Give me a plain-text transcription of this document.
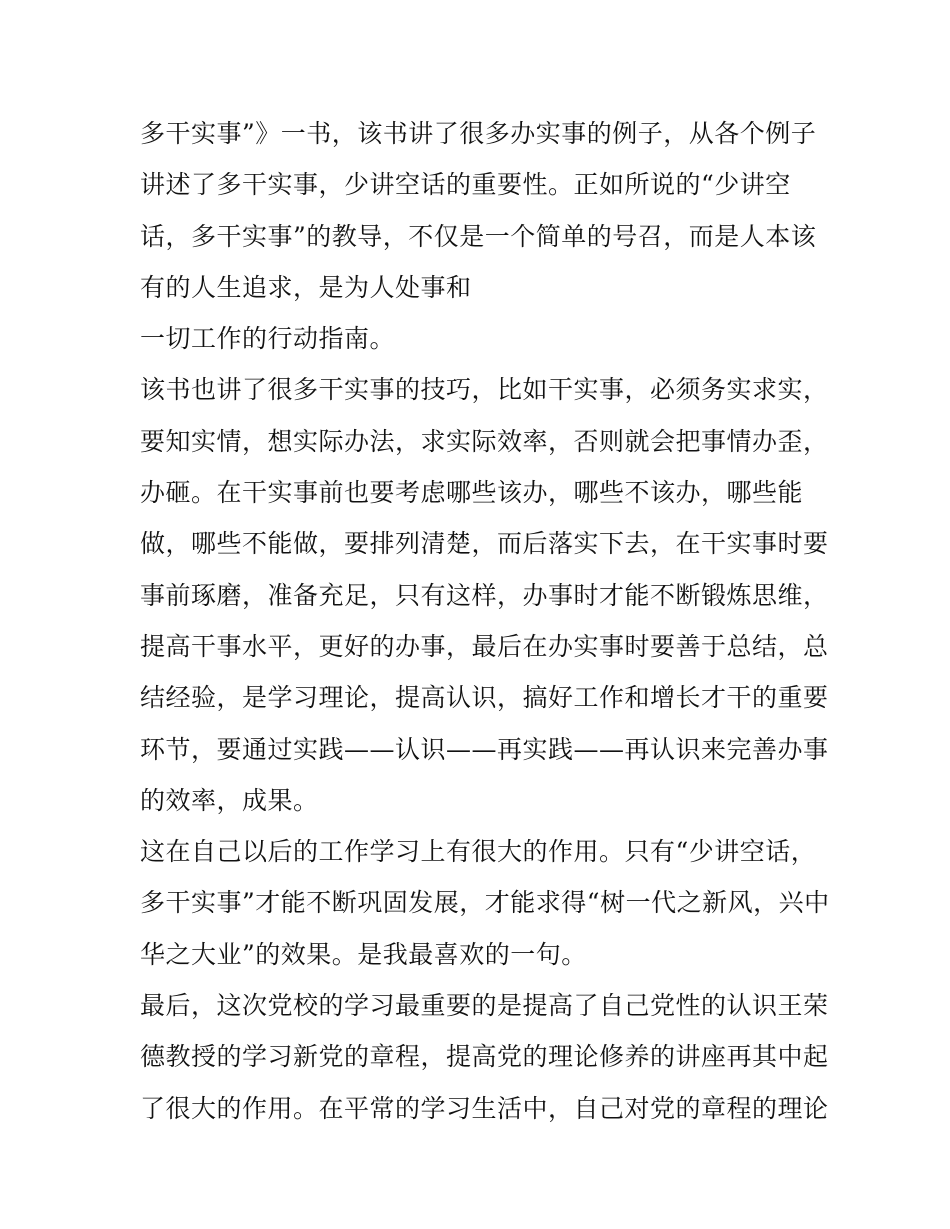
多干实事”》一书，该书讲了很多办实事的例子，从各个例子
讲述了多干实事，少讲空话的重要性。正如所说的“少讲空
话，多干实事”的教导，不仅是一个简单的号召，而是人本该
有的人生追求，是为人处事和
一切工作的行动指南。
该书也讲了很多干实事的技巧，比如干实事，必须务实求实，
要知实情，想实际办法，求实际效率，否则就会把事情办歪，
办砸。在干实事前也要考虑哪些该办，哪些不该办，哪些能
做，哪些不能做，要排列清楚，而后落实下去，在干实事时要
事前琢磨，准备充足，只有这样，办事时才能不断锻炼思维，
提高干事水平，更好的办事，最后在办实事时要善于总结，总
结经验，是学习理论，提高认识，搞好工作和增长才干的重要
环节，要通过实践——认识——再实践——再认识来完善办事
的效率，成果。
这在自己以后的工作学习上有很大的作用。只有“少讲空话，
多干实事”才能不断巩固发展，才能求得“树一代之新风，兴中
华之大业”的效果。是我最喜欢的一句。
最后，这次党校的学习最重要的是提高了自己党性的认识王荣
德教授的学习新党的章程，提高党的理论修养的讲座再其中起
了很大的作用。在平常的学习生活中，自己对党的章程的理论
